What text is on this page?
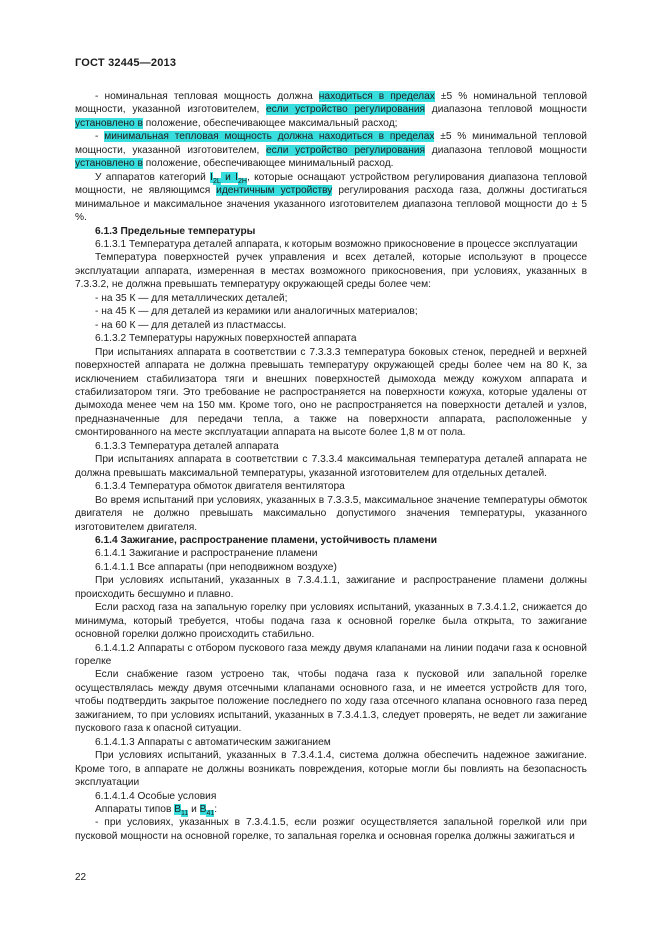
ГОСТ 32445—2013

- номинальная тепловая мощность должна находиться в пределах ±5 % номинальной тепловой мощности, указанной изготовителем, если устройство регулирования диапазона тепловой мощности установлено в положение, обеспечивающее максимальный расход;

- минимальная тепловая мощность должна находиться в пределах ±5 % минимальной тепловой мощности, указанной изготовителем, если устройство регулирования диапазона тепловой мощности установлено в положение, обеспечивающее минимальный расход.

У аппаратов категорий $I_{2L}$ и $I_{2H}$, которые оснащают устройством регулирования диапазона тепловой мощности, не являющимся идентичным устройству регулирования расхода газа, должны достигаться минимальное и максимальное значения указанного изготовителем диапазона тепловой мощности до ± 5 %.

6.1.3 Предельные температуры

6.1.3.1 Температура деталей аппарата, к которым возможно прикосновение в процессе эксплуатации

Температура поверхностей ручек управления и всех деталей, которые используют в процессе эксплуатации аппарата, измеренная в местах возможного прикосновения, при условиях, указанных в 7.3.3.2, не должна превышать температуру окружающей среды более чем:

- на 35 К — для металлических деталей;

- на 45 К — для деталей из керамики или аналогичных материалов;

- на 60 К — для деталей из пластмассы.

6.1.3.2 Температуры наружных поверхностей аппарата

При испытаниях аппарата в соответствии с 7.3.3.3 температура боковых стенок, передней и верхней поверхностей аппарата не должна превышать температуру окружающей среды более чем на 80 К, за исключением стабилизатора тяги и внешних поверхностей дымохода между кожухом аппарата и стабилизатором тяги. Это требование не распространяется на поверхности кожуха, которые удалены от дымохода менее чем на 150 мм. Кроме того, оно не распространяется на поверхности деталей и узлов, предназначенные для передачи тепла, а также на поверхности аппарата, расположенные у смонтированного на месте эксплуатации аппарата на высоте более 1,8 м от пола.

6.1.3.3 Температура деталей аппарата

При испытаниях аппарата в соответствии с 7.3.3.4 максимальная температура деталей аппарата не должна превышать максимальной температуры, указанной изготовителем для отдельных деталей.

6.1.3.4 Температура обмоток двигателя вентилятора

Во время испытаний при условиях, указанных в 7.3.3.5, максимальное значение температуры обмоток двигателя не должно превышать максимально допустимого значения температуры, указанного изготовителем двигателя.

6.1.4 Зажигание, распространение пламени, устойчивость пламени

6.1.4.1 Зажигание и распространение пламени

6.1.4.1.1 Все аппараты (при неподвижном воздухе)

При условиях испытаний, указанных в 7.3.4.1.1, зажигание и распространение пламени должны происходить бесшумно и плавно.

Если расход газа на запальную горелку при условиях испытаний, указанных в 7.3.4.1.2, снижается до минимума, который требуется, чтобы подача газа к основной горелке была открыта, то зажигание основной горелки должно происходить стабильно.

6.1.4.1.2 Аппараты с отбором пускового газа между двумя клапанами на линии подачи газа к основной горелке

Если снабжение газом устроено так, чтобы подача газа к пусковой или запальной горелке осуществлялась между двумя отсечными клапанами основного газа, и не имеется устройств для того, чтобы подтвердить закрытое положение последнего по ходу газа отсечного клапана основного газа перед зажиганием, то при условиях испытаний, указанных в 7.3.4.1.3, следует проверять, не ведет ли зажигание пускового газа к опасной ситуации.

6.1.4.1.3 Аппараты с автоматическим зажиганием

При условиях испытаний, указанных в 7.3.4.1.4, система должна обеспечить надежное зажигание. Кроме того, в аппарате не должны возникать повреждения, которые могли бы повлиять на безопасность эксплуатации

6.1.4.1.4 Особые условия

Аппараты типов $В_{11}$ и $В_{41}$:

- при условиях, указанных в 7.3.4.1.5, если розжиг осуществляется запальной горелкой или при пусковой мощности на основной горелке, то запальная горелка и основная горелка должны зажигаться и

22
